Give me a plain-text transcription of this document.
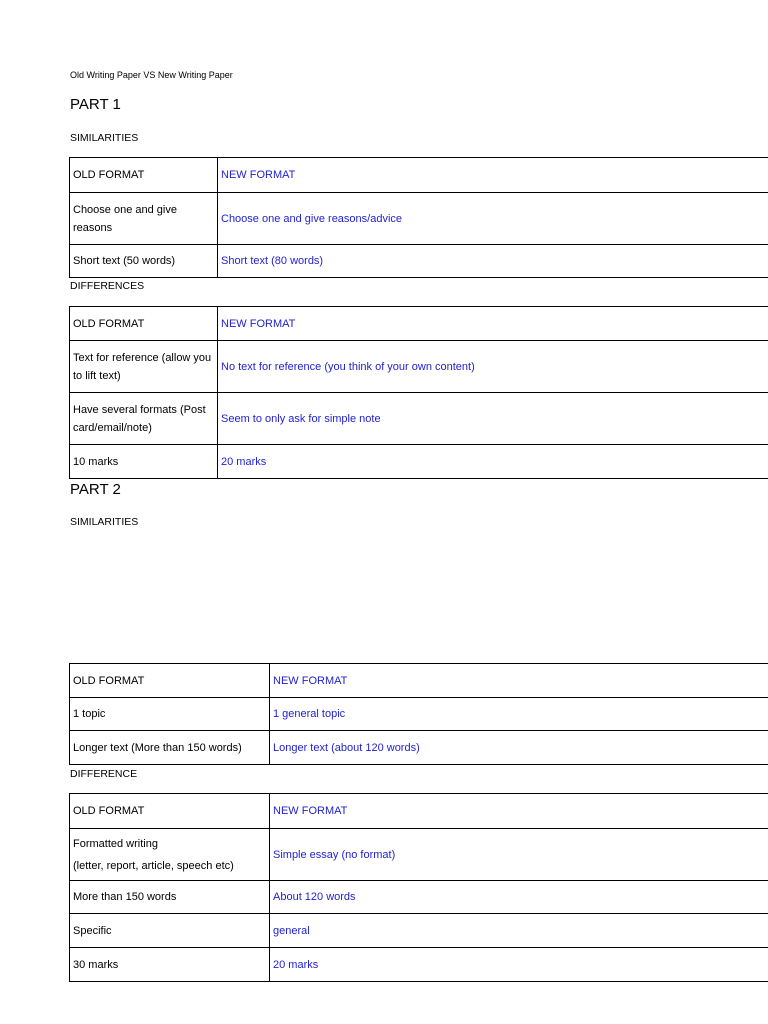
Old Writing Paper VS New Writing Paper
PART 1
SIMILARITIES
OLD FORMAT	NEW FORMAT
Choose one and give reasons	Choose one and give reasons/advice
Short text (50 words)	Short text (80 words)
DIFFERENCES
OLD FORMAT	NEW FORMAT
Text for reference (allow you to lift text)	No text for reference (you think of your own content)
Have several formats (Post card/email/note)	Seem to only ask for simple note
10 marks	20 marks
PART 2
SIMILARITIES
OLD FORMAT	NEW FORMAT
1 topic	1 general topic
Longer text (More than 150 words)	Longer text (about 120 words)
DIFFERENCE
OLD FORMAT	NEW FORMAT

Formatted writing
(letter, report, article, speech etc)	Simple essay (no format)
More than 150 words	About 120 words
Specific	general
30 marks	20 marks
